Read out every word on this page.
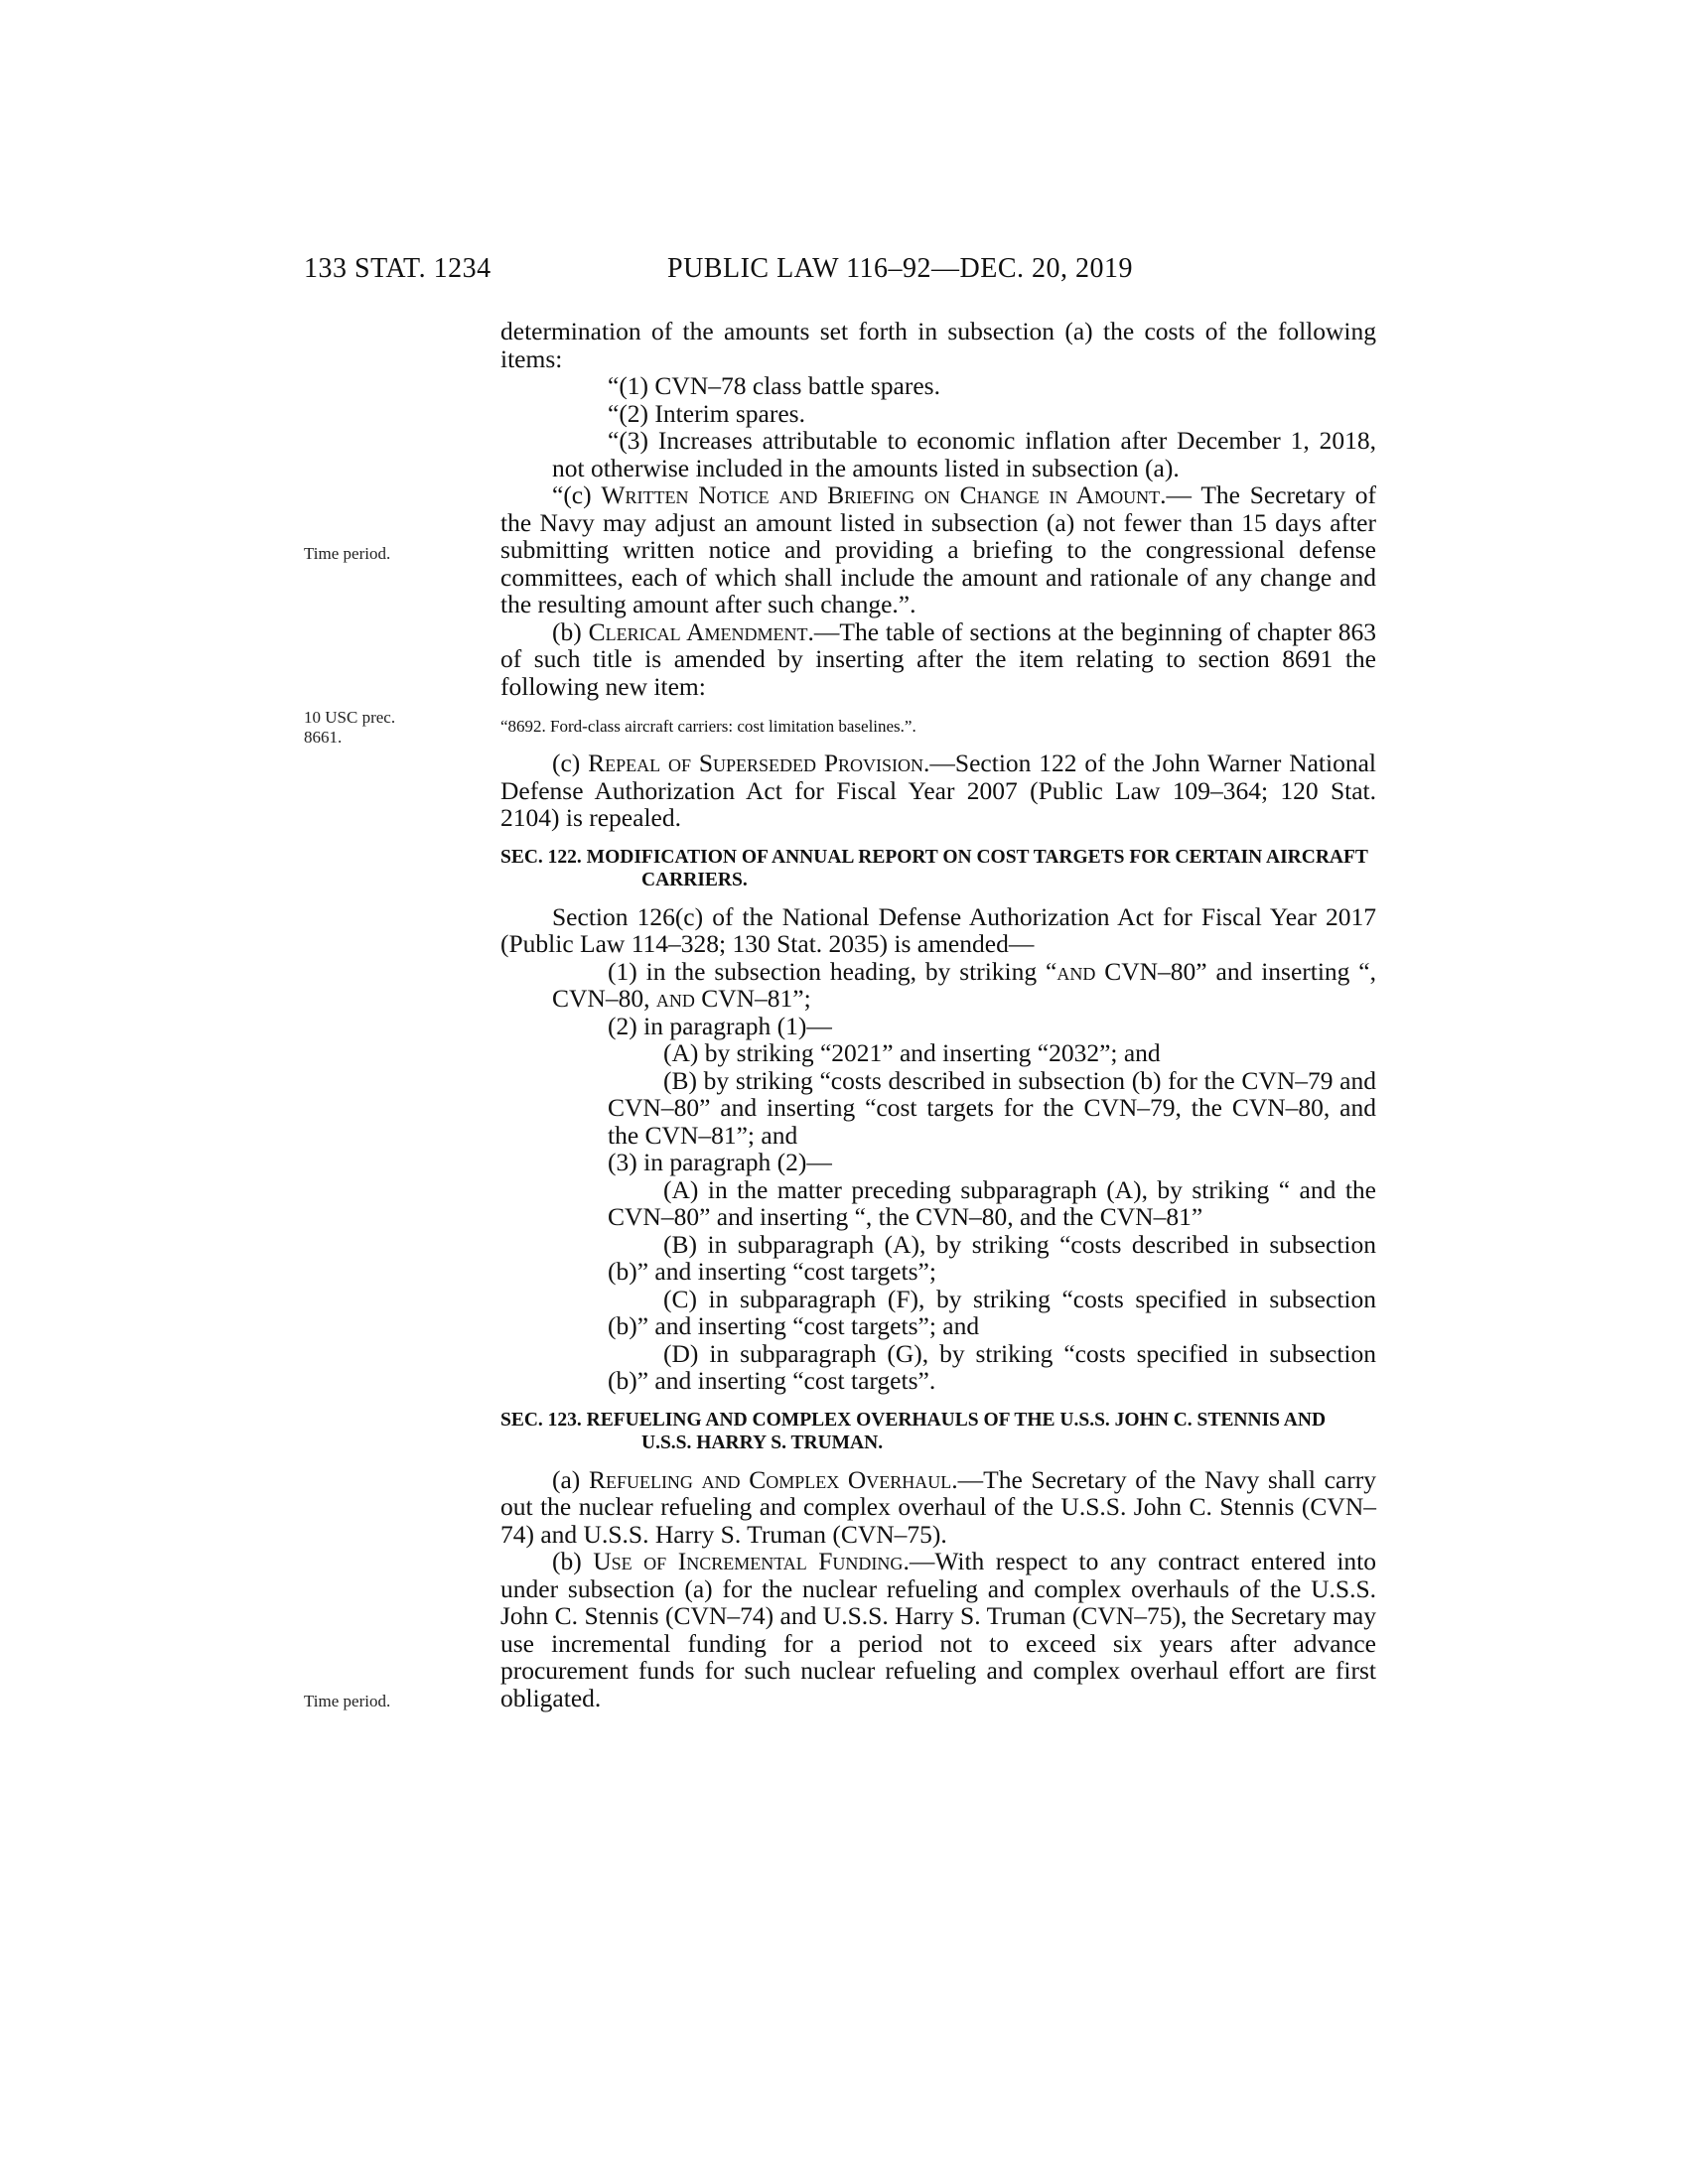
133 STAT. 1234	PUBLIC LAW 116–92—DEC. 20, 2019
Time period.
10 USC prec. 8661.
Time period.

determination of the amounts set forth in subsection (a) the costs of the following items:

“(1) CVN–78 class battle spares.

“(2) Interim spares.

“(3) Increases attributable to economic inflation after December 1, 2018, not otherwise included in the amounts listed in subsection (a).

“(c) Written Notice and Briefing on Change in Amount.— The Secretary of the Navy may adjust an amount listed in subsection (a) not fewer than 15 days after submitting written notice and providing a briefing to the congressional defense committees, each of which shall include the amount and rationale of any change and the resulting amount after such change.”.

(b) Clerical Amendment.—The table of sections at the beginning of chapter 863 of such title is amended by inserting after the item relating to section 8691 the following new item:

“8692. Ford-class aircraft carriers: cost limitation baselines.”.

(c) Repeal of Superseded Provision.—Section 122 of the John Warner National Defense Authorization Act for Fiscal Year 2007 (Public Law 109–364; 120 Stat. 2104) is repealed.

SEC. 122. MODIFICATION OF ANNUAL REPORT ON COST TARGETS FOR CERTAIN AIRCRAFT CARRIERS.

Section 126(c) of the National Defense Authorization Act for Fiscal Year 2017 (Public Law 114–328; 130 Stat. 2035) is amended—

(1) in the subsection heading, by striking “and CVN–80” and inserting “, CVN–80, and CVN–81”;

(2) in paragraph (1)—

(A) by striking “2021” and inserting “2032”; and

(B) by striking “costs described in subsection (b) for the CVN–79 and CVN–80” and inserting “cost targets for the CVN–79, the CVN–80, and the CVN–81”; and

(3) in paragraph (2)—

(A) in the matter preceding subparagraph (A), by striking “ and the CVN–80” and inserting “, the CVN–80, and the CVN–81”

(B) in subparagraph (A), by striking “costs described in subsection (b)” and inserting “cost targets”;

(C) in subparagraph (F), by striking “costs specified in subsection (b)” and inserting “cost targets”; and

(D) in subparagraph (G), by striking “costs specified in subsection (b)” and inserting “cost targets”.

SEC. 123. REFUELING AND COMPLEX OVERHAULS OF THE U.S.S. JOHN C. STENNIS AND U.S.S. HARRY S. TRUMAN.

(a) Refueling and Complex Overhaul.—The Secretary of the Navy shall carry out the nuclear refueling and complex overhaul of the U.S.S. John C. Stennis (CVN–74) and U.S.S. Harry S. Truman (CVN–75).

(b) Use of Incremental Funding.—With respect to any contract entered into under subsection (a) for the nuclear refueling and complex overhauls of the U.S.S. John C. Stennis (CVN–74) and U.S.S. Harry S. Truman (CVN–75), the Secretary may use incremental funding for a period not to exceed six years after advance procurement funds for such nuclear refueling and complex overhaul effort are first obligated.
